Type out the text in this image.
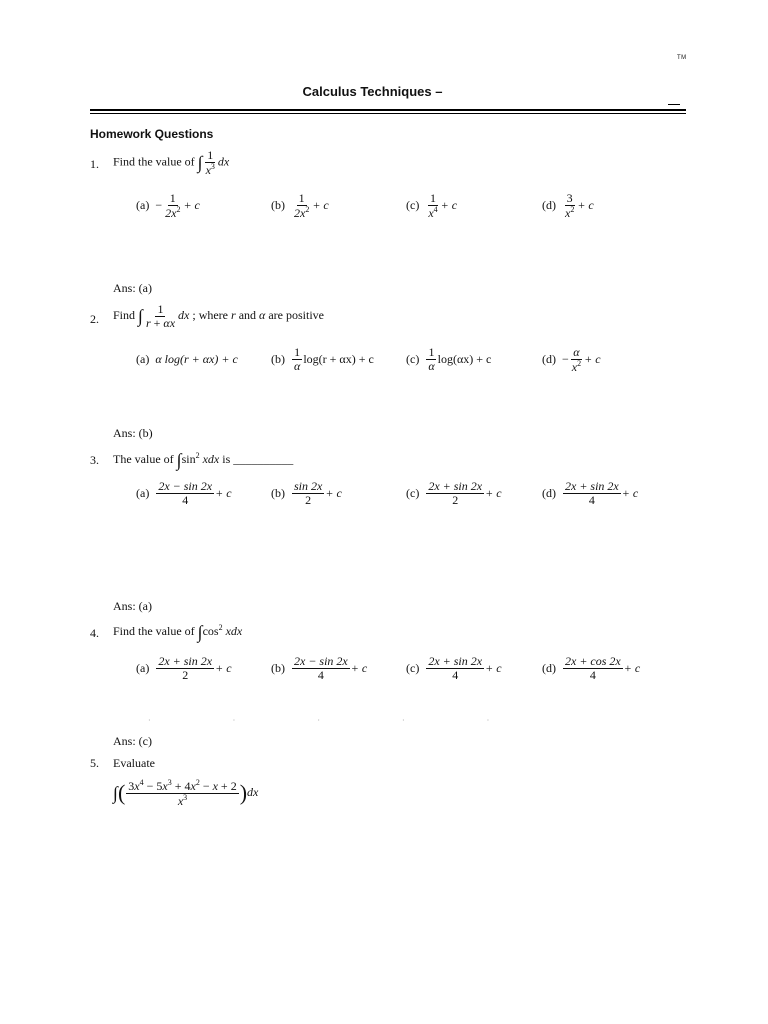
TM
Calculus Techniques –
Homework Questions
1. Find the value of ∫ $\frac{1}{x^3}$ dx
$(a) - \frac{1}{2x^2} + c$	$(b) \frac{1}{2x^2} + c$	$(c) \frac{1}{x^4} + c$	$(d) \frac{3}{x^2} + c$
Ans: (a)
2. Find ∫ $\frac{1}{r + \alpha x}$ dx ; where r and α are positive
(a) α log(r + αx) + c	$(b) \frac{1}{\alpha} \log(r + \alpha x) + c$	$(c) \frac{1}{\alpha} \log(\alpha x) + c$	$(d) - \frac{\alpha}{x^2} + c$
Ans: (b)
3. The value of $\int\sin^2$ xdx is __________
$(a) \frac{2x - \sin 2x}{4} + c$	$(b) \frac{\sin 2x}{2} + c$	$(c) \frac{2x + \sin 2x}{2} + c$	$(d) \frac{2x + \sin 2x}{4} + c$
Ans: (a)
4. Find the value of $\int\cos^2$ xdx
$(a) \frac{2x + \sin 2x}{2} + c$	$(b) \frac{2x - \sin 2x}{4} + c$	$(c) \frac{2x + \sin 2x}{4} + c$	$(d) \frac{2x + \cos 2x}{4} + c$
· · · · ·
Ans: (c)
5. Evaluate
∫( $\frac{3x^4 - 5x^3 + 4x^2 - x + 2}{x^3} )dx$
